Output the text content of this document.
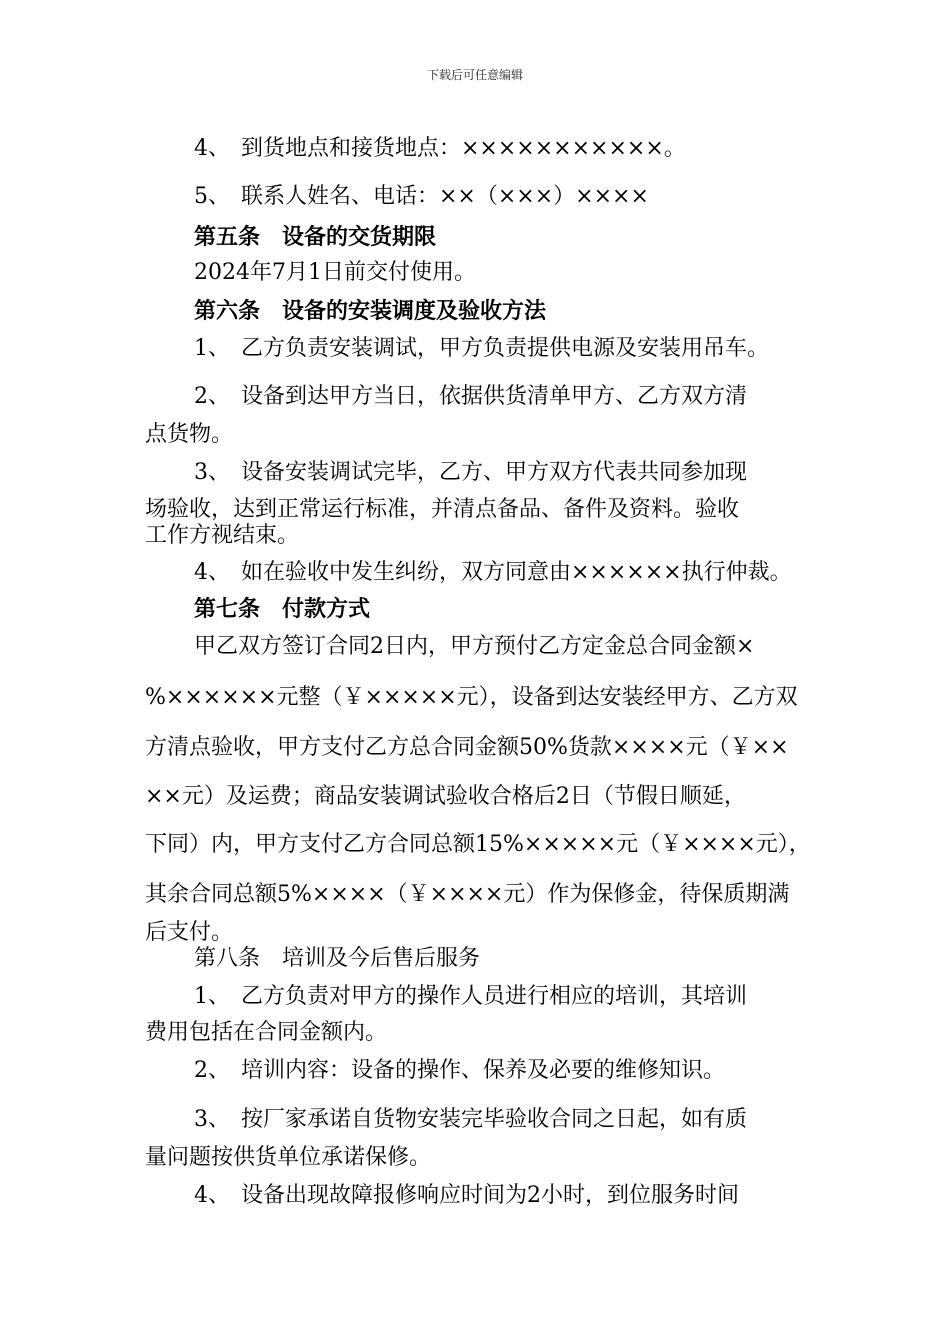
下载后可任意编辑
4、　到货地点和接货地点：×××××××××××。
5、　联系人姓名、电话：××（×××）××××
第五条　设备的交货期限
2024年7月1日前交付使用。
第六条　设备的安装调度及验收方法
1、　乙方负责安装调试，甲方负责提供电源及安装用吊车。
2、　设备到达甲方当日，依据供货清单甲方、乙方双方清
点货物。
3、　设备安装调试完毕，乙方、甲方双方代表共同参加现
场验收，达到正常运行标准，并清点备品、备件及资料。验收
工作方视结束。
4、　如在验收中发生纠纷，双方同意由××××××执行仲裁。
第七条　付款方式
甲乙双方签订合同2日内，甲方预付乙方定金总合同金额×
%××××××元整（￥×××××元），设备到达安装经甲方、乙方双
方清点验收，甲方支付乙方总合同金额50%货款××××元（￥××
××元）及运费；商品安装调试验收合格后2日（节假日顺延，
下同）内，甲方支付乙方合同总额15%×××××元（￥××××元），
其余合同总额5%××××（￥××××元）作为保修金，待保质期满
后支付。
第八条　培训及今后售后服务
1、　乙方负责对甲方的操作人员进行相应的培训，其培训
费用包括在合同金额内。
2、　培训内容：设备的操作、保养及必要的维修知识。
3、　按厂家承诺自货物安装完毕验收合同之日起，如有质
量问题按供货单位承诺保修。
4、　设备出现故障报修响应时间为2小时，到位服务时间
